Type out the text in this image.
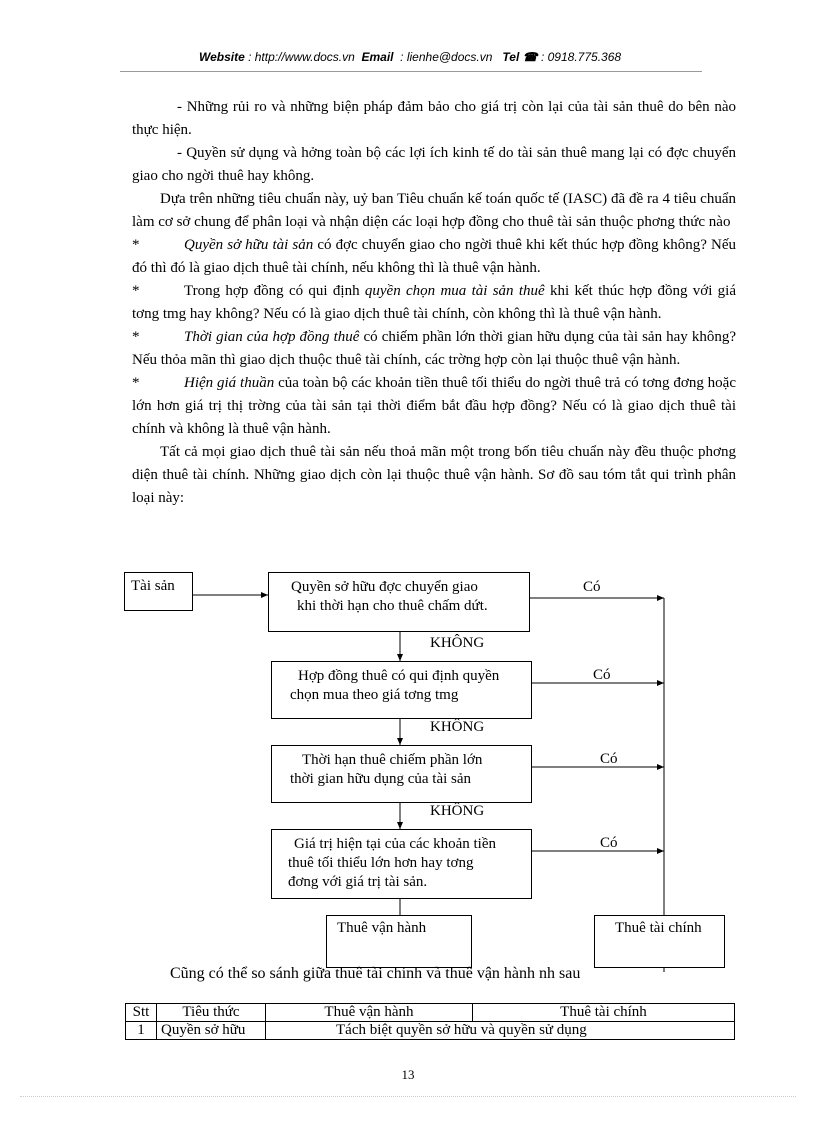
Website : http://www.docs.vn Email : lienhe@docs.vn Tel ☎ : 0918.775.368

- Những rủi ro và những biện pháp đảm bảo cho giá trị còn lại của tài sản thuê do bên nào thực hiện.

- Quyền sử dụng và hởng toàn bộ các lợi ích kinh tế do tài sản thuê mang lại có đợc chuyển giao cho ngời thuê hay không.

Dựa trên những tiêu chuẩn này, uỷ ban Tiêu chuẩn kế toán quốc tế (IASC) đã đề ra 4 tiêu chuẩn làm cơ sở chung để phân loại và nhận diện các loại hợp đồng cho thuê tài sản thuộc phơng thức nào

*	Quyền sở hữu tài sản có đợc chuyển giao cho ngời thuê khi kết thúc hợp đồng không? Nếu đó thì đó là giao dịch thuê tài chính, nếu không thì là thuê vận hành.

*	Trong hợp đồng có qui định quyền chọn mua tài sản thuê khi kết thúc hợp đồng với giá tơng tmg hay không? Nếu có là giao dịch thuê tài chính, còn không thì là thuê vận hành.

*	Thời gian của hợp đồng thuê có chiếm phần lớn thời gian hữu dụng của tài sản hay không? Nếu thỏa mãn thì giao dịch thuộc thuê tài chính, các trờng hợp còn lại thuộc thuê vận hành.

*	Hiện giá thuần của toàn bộ các khoản tiền thuê tối thiểu do ngời thuê trả có tơng đơng hoặc lớn hơn giá trị thị trờng của tài sản tại thời điểm bắt đầu hợp đồng? Nếu có là giao dịch thuê tài chính và không là thuê vận hành.

Tất cả mọi giao dịch thuê tài sản nếu thoả mãn một trong bốn tiêu chuẩn này đều thuộc phơng diện thuê tài chính. Những giao dịch còn lại thuộc thuê vận hành. Sơ đồ sau tóm tắt qui trình phân loại này:

Tài sản	Quyền sở hữu đợc chuyển giao
khi thời hạn cho thuê chấm dứt.
Hợp đồng thuê có qui định quyền
chọn mua theo giá tơng tmg
Thời hạn thuê chiếm phần lớn
thời gian hữu dụng của tài sản
Giá trị hiện tại của các khoản tiền
thuê tối thiểu lớn hơn hay tơng
đơng với giá trị tài sản.
Có
Có
Có
Có
KHÔNG
KHÔNG
KHÔNG
Thuê vận hành	Thuê tài chính
Cũng có thể so sánh giữa thuê tài chính và thuê vận hành nh sau
Stt	Tiêu thức	Thuê vận hành	Thuê tài chính
1	Quyền sở hữu	Tách biệt quyền sở hữu và quyền sử dụng	
13
